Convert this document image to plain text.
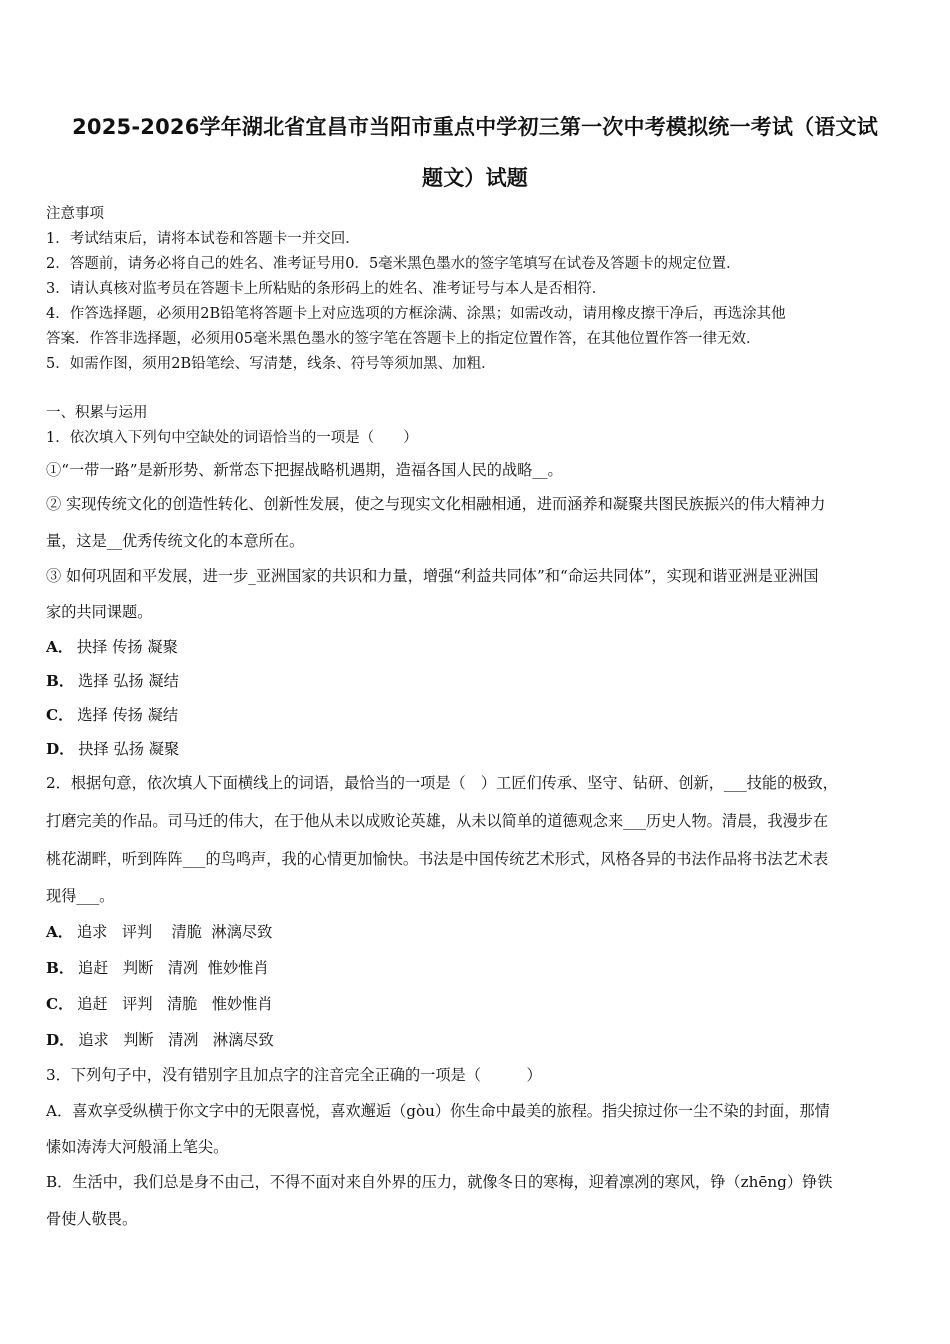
2025-2026学年湖北省宜昌市当阳市重点中学初三第一次中考模拟统一考试（语文试
题文）试题
注意事项
1．考试结束后，请将本试卷和答题卡一并交回．
2．答题前，请务必将自己的姓名、准考证号用0．5毫米黑色墨水的签字笔填写在试卷及答题卡的规定位置．
3．请认真核对监考员在答题卡上所粘贴的条形码上的姓名、准考证号与本人是否相符．
4．作答选择题，必须用2B铅笔将答题卡上对应选项的方框涂满、涂黑；如需改动，请用橡皮擦干净后，再选涂其他
答案．作答非选择题，必须用05毫米黑色墨水的签字笔在答题卡上的指定位置作答，在其他位置作答一律无效．
5．如需作图，须用2B铅笔绘、写清楚，线条、符号等须加黑、加粗．
一、积累与运用
1．依次填入下列句中空缺处的词语恰当的一项是（　　）
①“一带一路”是新形势、新常态下把握战略机遇期，造福各国人民的战略__。
② 实现传统文化的创造性转化、创新性发展，使之与现实文化相融相通，进而涵养和凝聚共图民族振兴的伟大精神力
量，这是__优秀传统文化的本意所在。
③ 如何巩固和平发展，进一步_亚洲国家的共识和力量，增强“利益共同体”和“命运共同体”，实现和谐亚洲是亚洲国
家的共同课题。
A． 抉择 传扬 凝聚
B． 选择 弘扬 凝结
C． 选择 传扬 凝结
D． 抉择 弘扬 凝聚
2．根据句意，依次填人下面横线上的词语，最恰当的一项是（　）工匠们传承、坚守、钻研、创新，___技能的极致，
打磨完美的作品。司马迁的伟大，在于他从未以成败论英雄，从未以简单的道德观念来___历史人物。清晨，我漫步在
桃花湖畔，听到阵阵___的鸟鸣声，我的心情更加愉快。书法是中国传统艺术形式，风格各异的书法作品将书法艺术表
现得___。
A． 追求   评判    清脆  淋漓尽致
B． 追赶   判断   清冽  惟妙惟肖
C． 追赶   评判   清脆   惟妙惟肖
D． 追求   判断   清冽   淋漓尽致
3．下列句子中，没有错别字且加点字的注音完全正确的一项是（　　　）
A．喜欢享受纵横于你文字中的无限喜悦，喜欢邂逅（gòu）你生命中最美的旅程。指尖掠过你一尘不染的封面，那情
愫如涛涛大河般涌上笔尖。
B．生活中，我们总是身不由己，不得不面对来自外界的压力，就像冬日的寒梅，迎着凛冽的寒风，铮（zhēng）铮铁
骨使人敬畏。
